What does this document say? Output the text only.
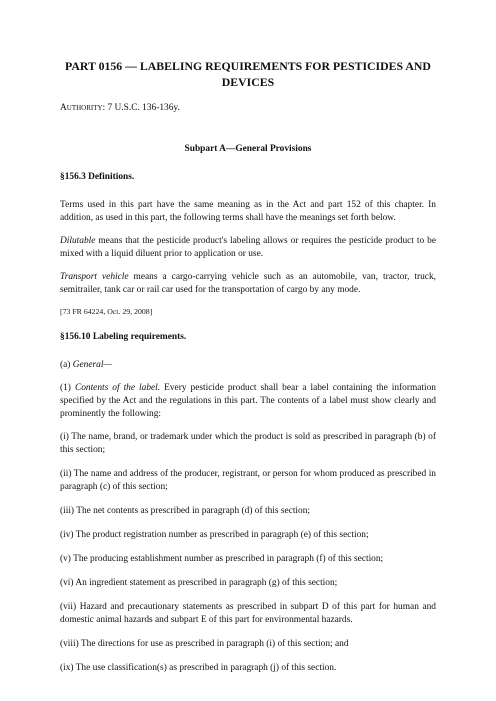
PART 0156 — LABELING REQUIREMENTS FOR PESTICIDES AND DEVICES
Authority: 7 U.S.C. 136-136y.
Subpart A—General Provisions
§156.3 Definitions.

Terms used in this part have the same meaning as in the Act and part 152 of this chapter. In addition, as used in this part, the following terms shall have the meanings set forth below.

Dilutable means that the pesticide product's labeling allows or requires the pesticide product to be mixed with a liquid diluent prior to application or use.

Transport vehicle means a cargo-carrying vehicle such as an automobile, van, tractor, truck, semitrailer, tank car or rail car used for the transportation of cargo by any mode.

[73 FR 64224, Oct. 29, 2008]
§156.10 Labeling requirements.

(a) General—

(1) Contents of the label. Every pesticide product shall bear a label containing the information specified by the Act and the regulations in this part. The contents of a label must show clearly and prominently the following:

(i) The name, brand, or trademark under which the product is sold as prescribed in paragraph (b) of this section;

(ii) The name and address of the producer, registrant, or person for whom produced as prescribed in paragraph (c) of this section;

(iii) The net contents as prescribed in paragraph (d) of this section;

(iv) The product registration number as prescribed in paragraph (e) of this section;

(v) The producing establishment number as prescribed in paragraph (f) of this section;

(vi) An ingredient statement as prescribed in paragraph (g) of this section;

(vii) Hazard and precautionary statements as prescribed in subpart D of this part for human and domestic animal hazards and subpart E of this part for environmental hazards.

(viii) The directions for use as prescribed in paragraph (i) of this section; and

(ix) The use classification(s) as prescribed in paragraph (j) of this section.
